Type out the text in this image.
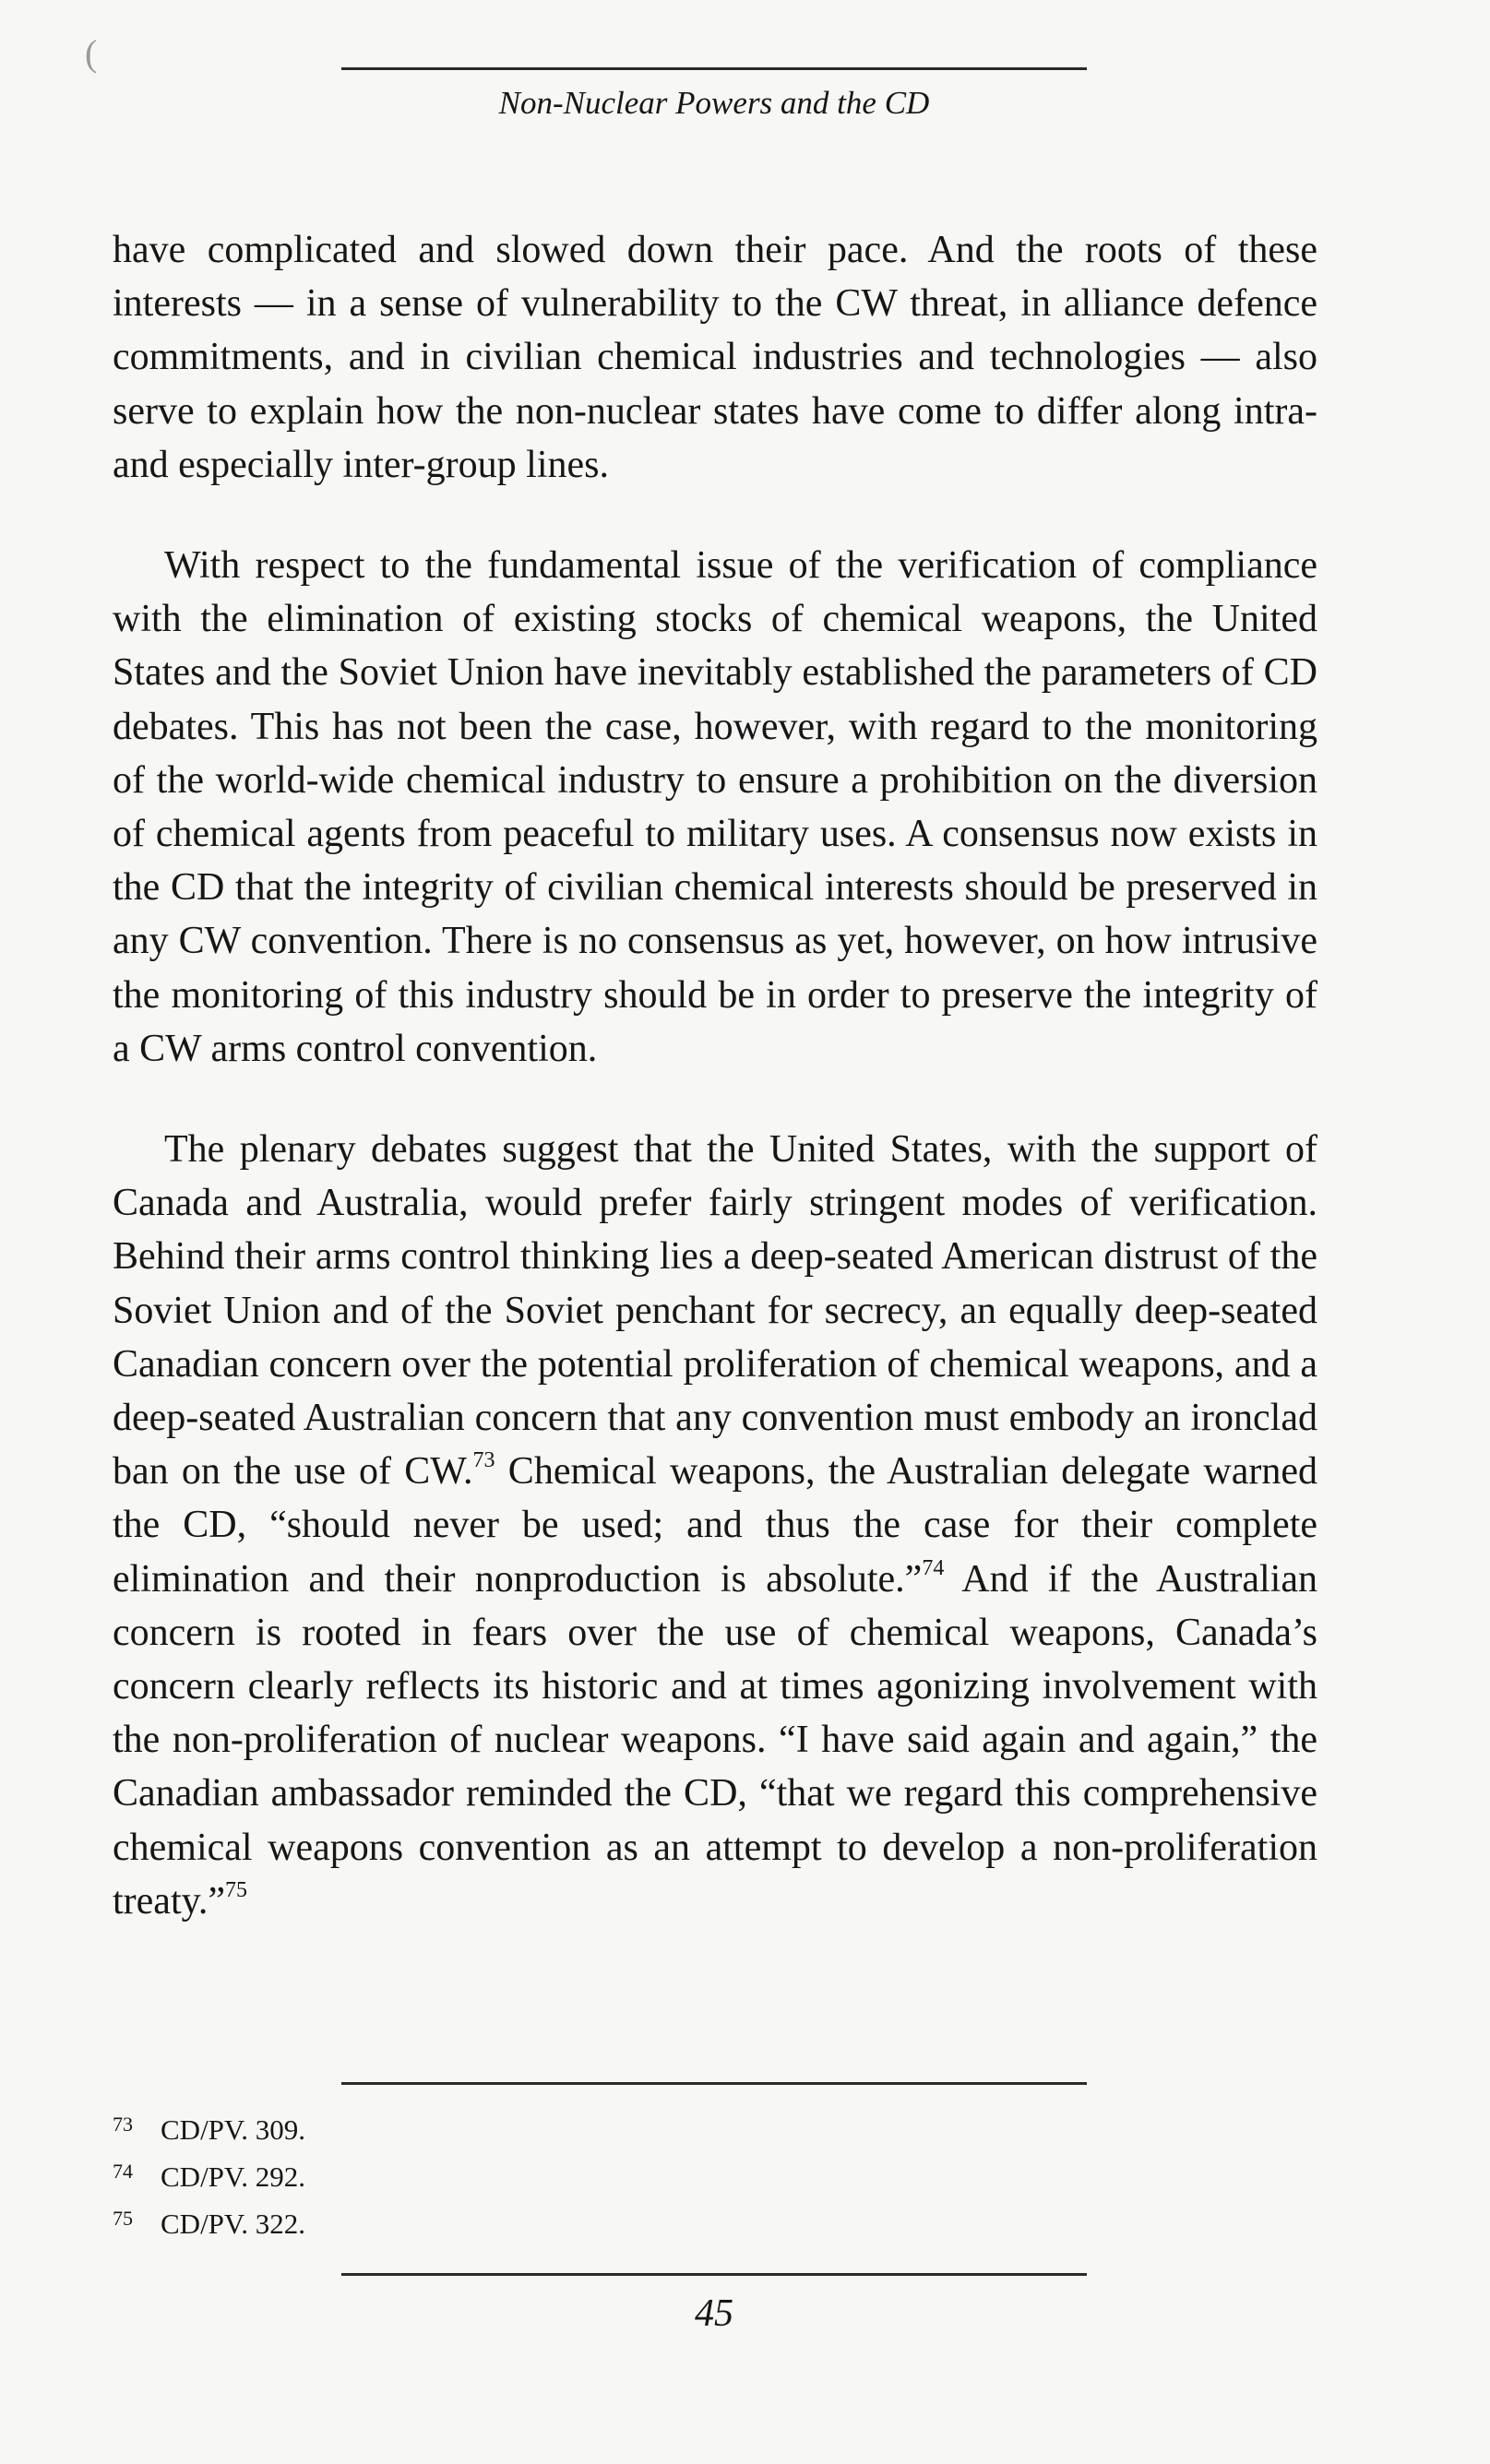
(
Non-Nuclear Powers and the CD

have complicated and slowed down their pace. And the roots of these interests — in a sense of vulnerability to the CW threat, in alliance defence commitments, and in civilian chemical industries and technologies — also serve to explain how the non-nuclear states have come to differ along intra- and especially inter-group lines.

With respect to the fundamental issue of the verification of compliance with the elimination of existing stocks of chemical weapons, the United States and the Soviet Union have inevitably established the parameters of CD debates. This has not been the case, however, with regard to the monitoring of the world-wide chemical industry to ensure a prohibition on the diversion of chemical agents from peaceful to military uses. A consensus now exists in the CD that the integrity of civilian chemical interests should be preserved in any CW convention. There is no consensus as yet, however, on how intrusive the monitoring of this industry should be in order to preserve the integrity of a CW arms control convention.

The plenary debates suggest that the United States, with the support of Canada and Australia, would prefer fairly stringent modes of verification. Behind their arms control thinking lies a deep-seated American distrust of the Soviet Union and of the Soviet penchant for secrecy, an equally deep-seated Canadian concern over the potential proliferation of chemical weapons, and a deep-seated Australian concern that any convention must embody an ironclad ban on the use of CW.$^{73}$ Chemical weapons, the Australian delegate warned the CD, “should never be used; and thus the case for their complete elimination and their nonproduction is absolute.”$^{74}$ And if the Australian concern is rooted in fears over the use of chemical weapons, Canada’s concern clearly reflects its historic and at times agonizing involvement with the non-proliferation of nuclear weapons. “I have said again and again,” the Canadian ambassador reminded the CD, “that we regard this comprehensive chemical weapons convention as an attempt to develop a non-proliferation treaty.”$^{75}$

73 CD/PV. 309.
74 CD/PV. 292.
75 CD/PV. 322.
45
